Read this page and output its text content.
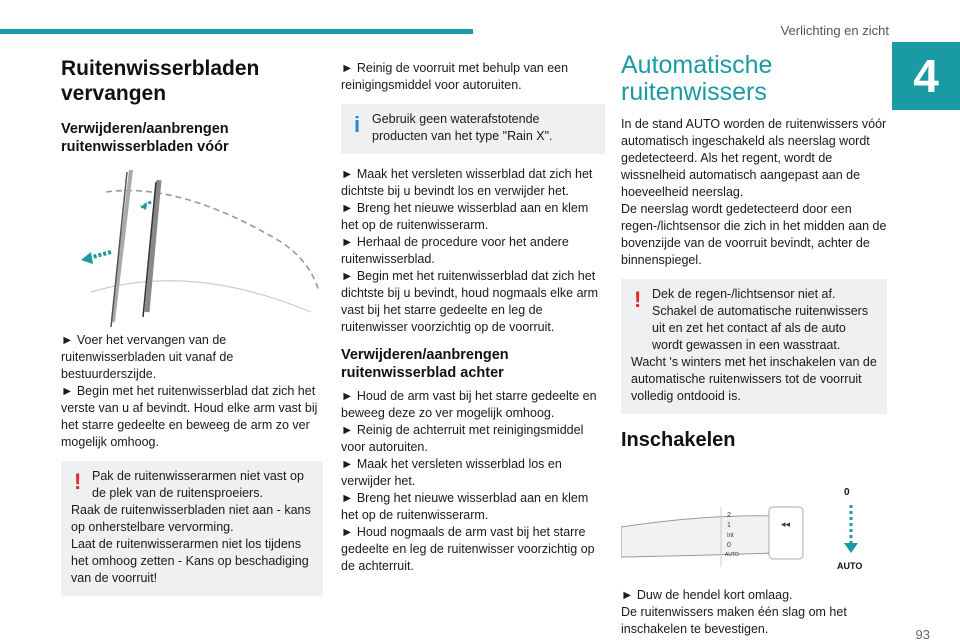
Verlichting en zicht
4
Ruitenwisserbladen vervangen
Verwijderen/aanbrengen ruitenwisserbladen vóór

► Voer het vervangen van de ruitenwisserbladen uit vanaf de bestuurderszijde.

► Begin met het ruitenwisserblad dat zich het verste van u af bevindt. Houd elke arm vast bij het starre gedeelte en beweeg de arm zo ver mogelijk omhoog.

! Pak de ruitenwisserarmen niet vast op de plek van de ruitensproeiers.

Raak de ruitenwisserbladen niet aan - kans op onherstelbare vervorming.

Laat de ruitenwisserarmen niet los tijdens het omhoog zetten - Kans op beschadiging van de voorruit!

► Reinig de voorruit met behulp van een reinigingsmiddel voor autoruiten.

i Gebruik geen waterafstotende producten van het type "Rain X".

► Maak het versleten wisserblad dat zich het dichtste bij u bevindt los en verwijder het.

► Breng het nieuwe wisserblad aan en klem het op de ruitenwisserarm.

► Herhaal de procedure voor het andere ruitenwisserblad.

► Begin met het ruitenwisserblad dat zich het dichtste bij u bevindt, houd nogmaals elke arm vast bij het starre gedeelte en leg de ruitenwisser voorzichtig op de voorruit.

Verwijderen/aanbrengen ruitenwisserblad achter

► Houd de arm vast bij het starre gedeelte en beweeg deze zo ver mogelijk omhoog.

► Reinig de achterruit met reinigingsmiddel voor autoruiten.

► Maak het versleten wisserblad los en verwijder het.

► Breng het nieuwe wisserblad aan en klem het op de ruitenwisserarm.

► Houd nogmaals de arm vast bij het starre gedeelte en leg de ruitenwisser voorzichtig op de achterruit.

Automatische
ruitenwissers

In de stand AUTO worden de ruitenwissers vóór automatisch ingeschakeld als neerslag wordt gedetecteerd. Als het regent, wordt de wissnelheid automatisch aangepast aan de hoeveelheid neerslag.

De neerslag wordt gedetecteerd door een regen-/lichtsensor die zich in het midden aan de bovenzijde van de voorruit bevindt, achter de binnenspiegel.

! Dek de regen-/lichtsensor niet af.

Schakel de automatische ruitenwissers uit en zet het contact af als de auto wordt gewassen in een wasstraat.

Wacht 's winters met het inschakelen van de automatische ruitenwissers tot de voorruit volledig ontdooid is.

Inschakelen
2
1
Int
0
AUTO
◂◂
0
AUTO

► Duw de hendel kort omlaag.

De ruitenwissers maken één slag om het inschakelen te bevestigen.	93
